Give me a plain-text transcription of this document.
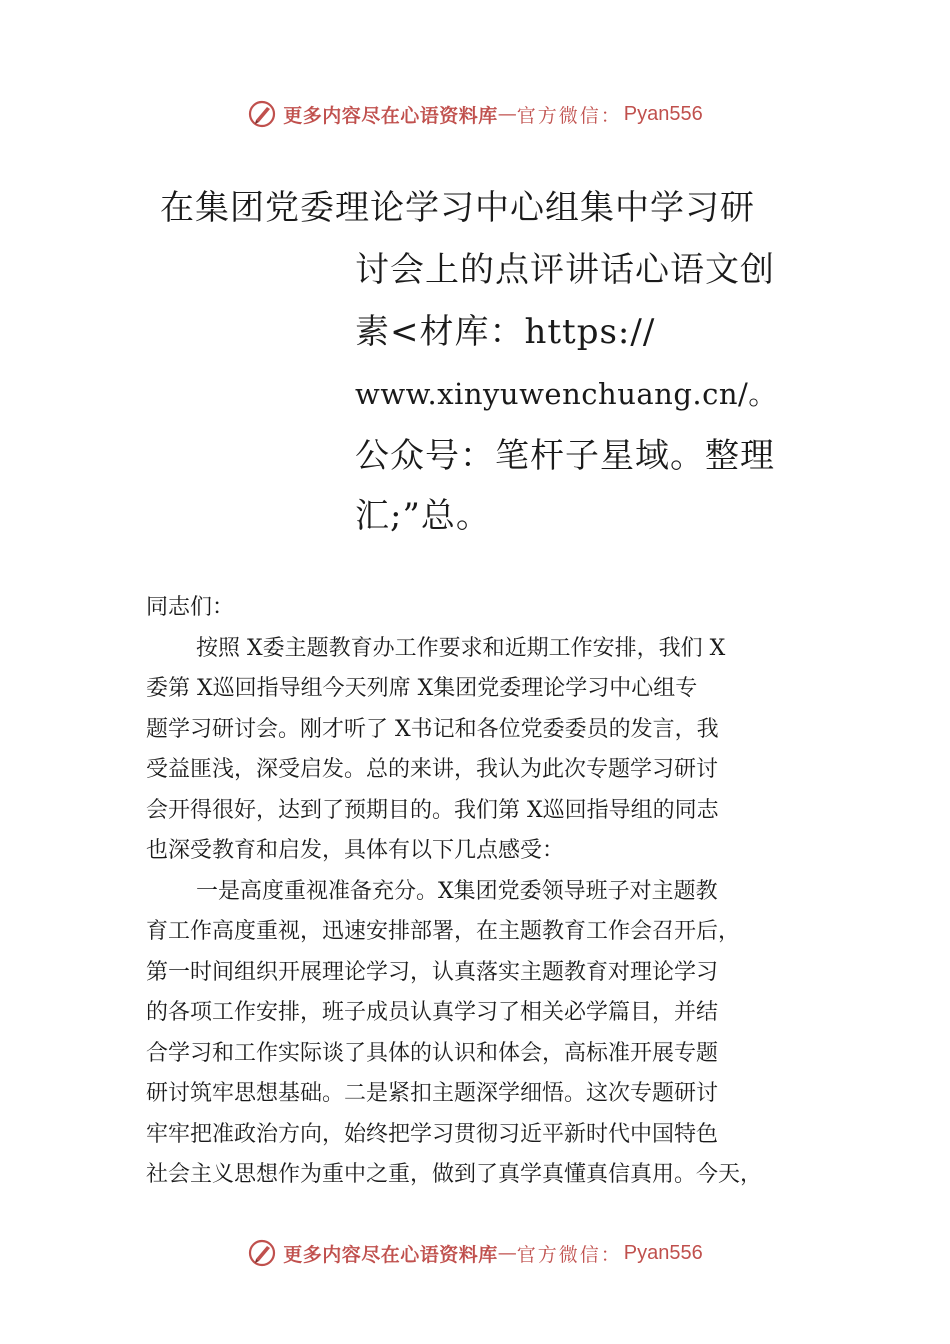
更多内容尽在心语资料库 — 官方微信： Pyan556
在集团党委理论学习中心组集中学习研
讨会上的点评讲话心语文创
素<材库：https://
www.xinyuwenchuang.cn/。
公众号：笔杆子星域。整理
汇;”总。

同志们：

按照 X委主题教育办工作要求和近期工作安排，我们 X

委第 X巡回指导组今天列席 X集团党委理论学习中心组专

题学习研讨会。刚才听了 X书记和各位党委委员的发言，我

受益匪浅，深受启发。总的来讲，我认为此次专题学习研讨

会开得很好，达到了预期目的。我们第 X巡回指导组的同志

也深受教育和启发，具体有以下几点感受：

一是高度重视准备充分。X集团党委领导班子对主题教

育工作高度重视，迅速安排部署，在主题教育工作会召开后，

第一时间组织开展理论学习，认真落实主题教育对理论学习

的各项工作安排，班子成员认真学习了相关必学篇目，并结

合学习和工作实际谈了具体的认识和体会，高标准开展专题

研讨筑牢思想基础。二是紧扣主题深学细悟。这次专题研讨

牢牢把准政治方向，始终把学习贯彻习近平新时代中国特色

社会主义思想作为重中之重，做到了真学真懂真信真用。今天，

更多内容尽在心语资料库 — 官方微信： Pyan556
